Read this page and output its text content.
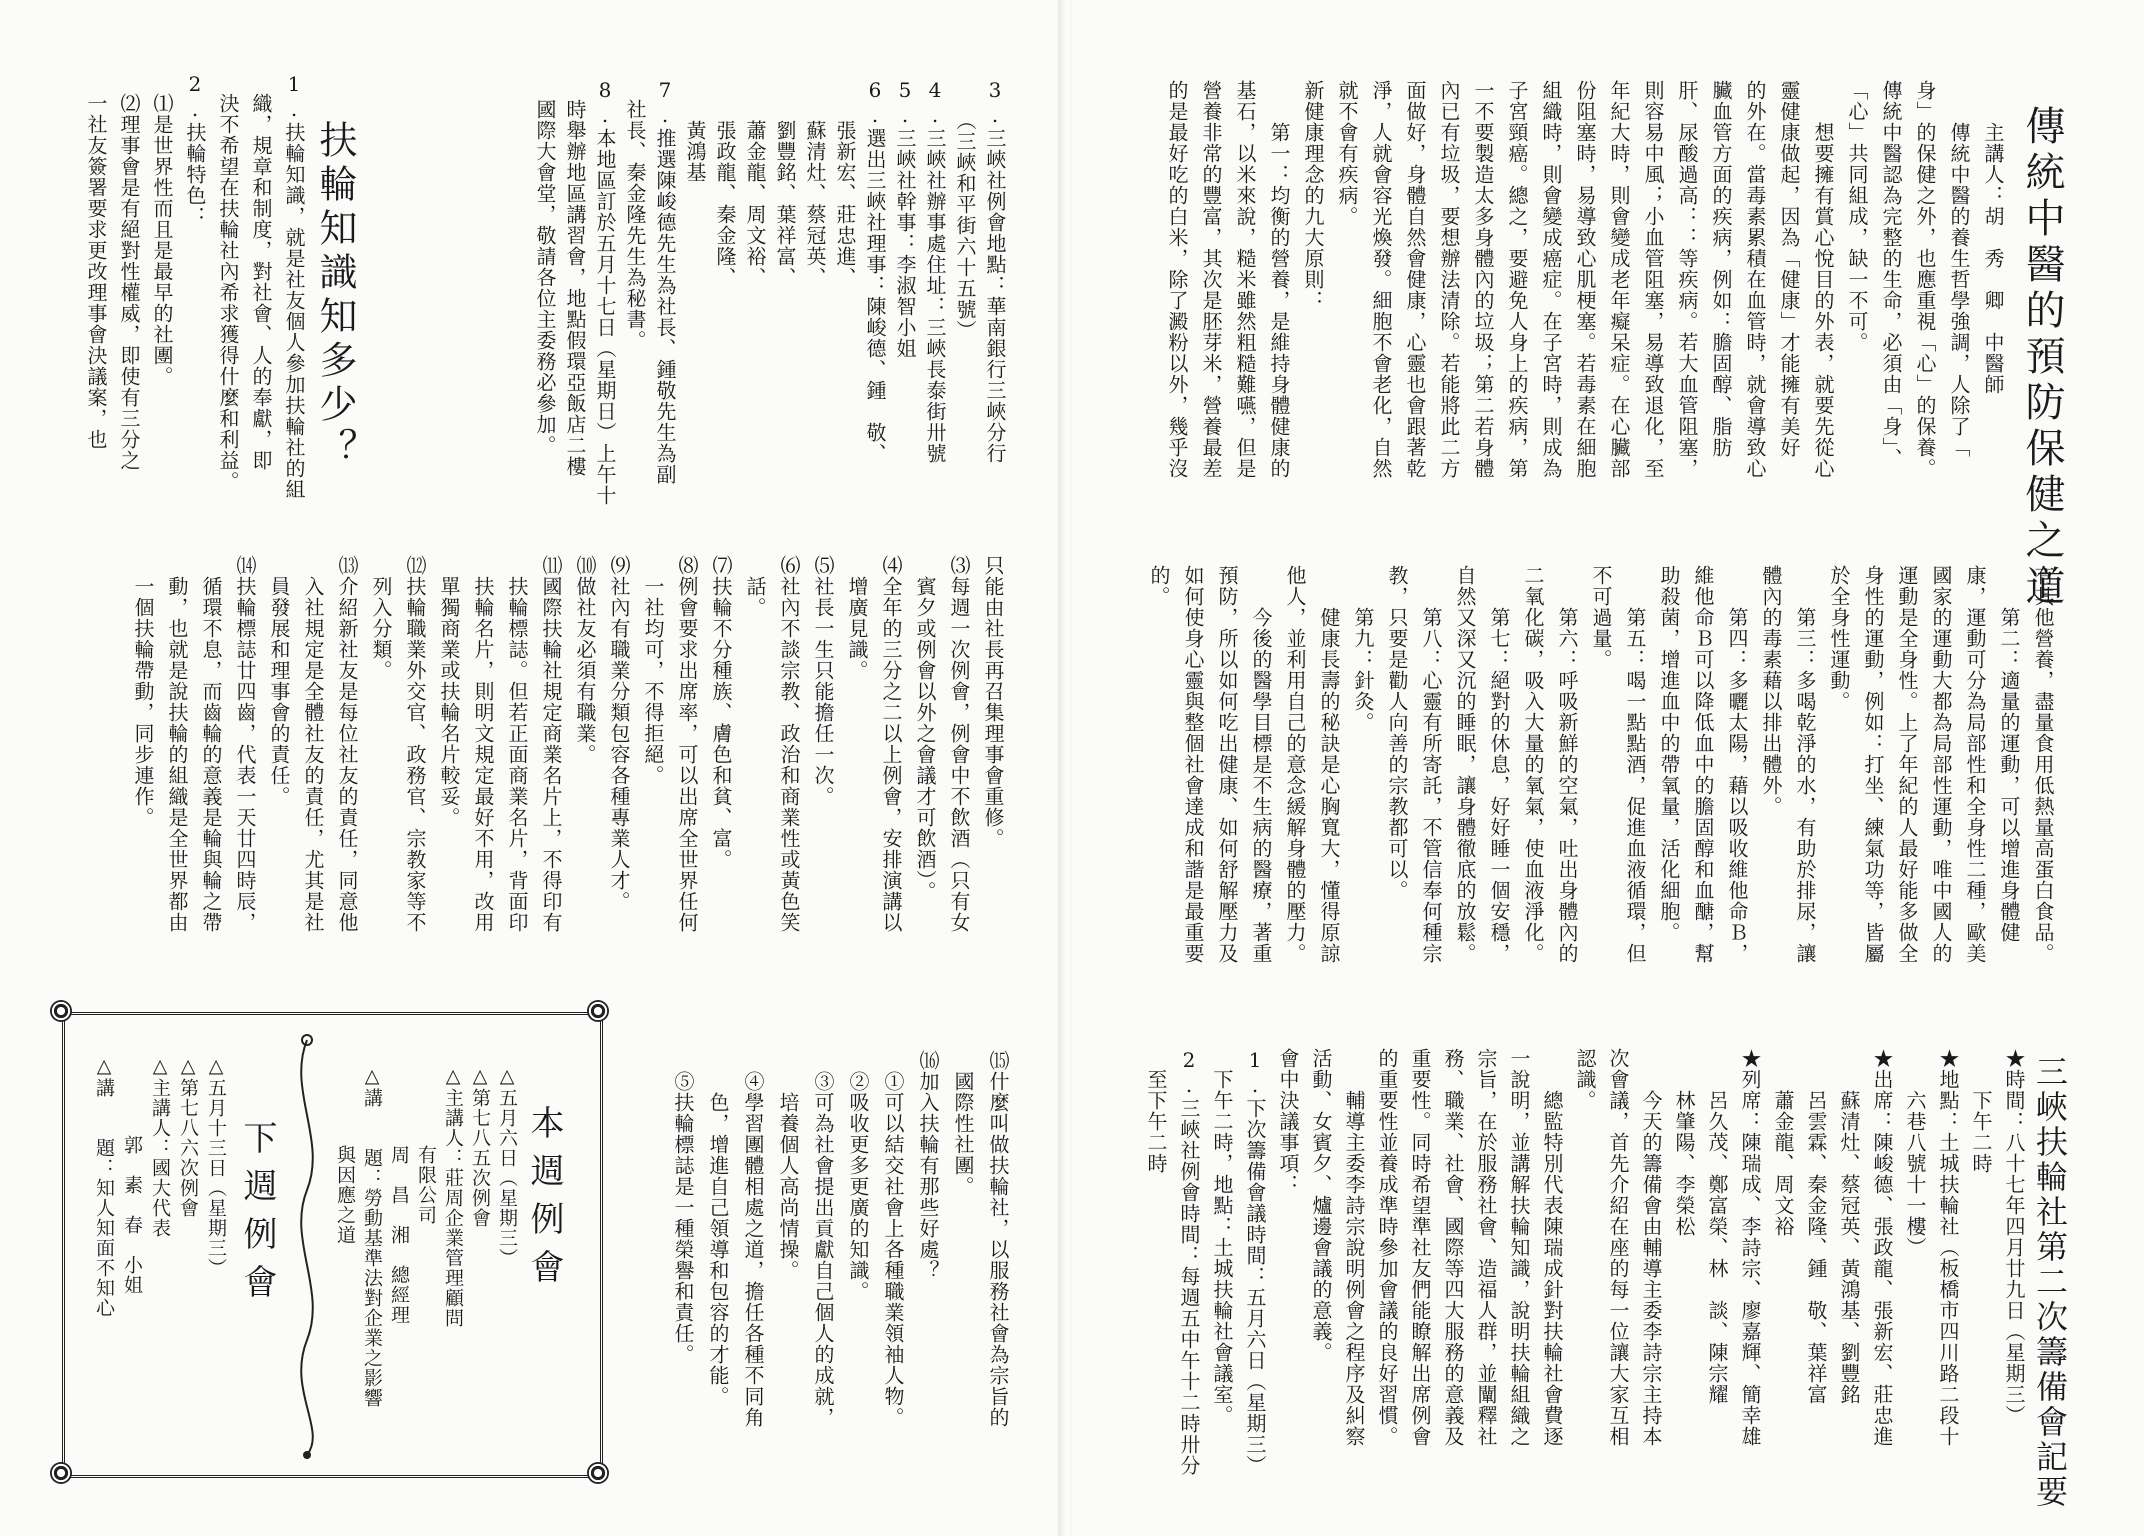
傳統中醫的預防保健之道
　　主講人：胡　秀　卿　中醫師
　　傳統中醫的養生哲學強調，人除了「
身」的保健之外，也應重視「心」的保養。
傳統中醫認為完整的生命，必須由「身」、
「心」共同組成，缺一不可。
　　想要擁有賞心悅目的外表，就要先從心
靈健康做起，因為「健康」才能擁有美好
的外在。當毒素累積在血管時，就會導致心
臟血管方面的疾病，例如：膽固醇、脂肪
肝、尿酸過高：：等疾病。若大血管阻塞，
則容易中風；小血管阻塞，易導致退化，至
年紀大時，則會變成老年癡呆症。在心臟部
份阻塞時，易導致心肌梗塞。若毒素在細胞
組織時，則會變成癌症。在子宮時，則成為
子宮頸癌。總之，要避免人身上的疾病，第
一不要製造太多身體內的垃圾；第二若身體
內已有垃圾，要想辦法清除。若能將此二方
面做好，身體自然會健康，心靈也會跟著乾
淨，人就會容光煥發。細胞不會老化，自然
就不會有疾病。
新健康理念的九大原則：
　　第一：均衡的營養，是維持身體健康的
基石，以米來說，糙米雖然粗糙難嚥，但是
營養非常的豐富，其次是胚芽米，營養最差
的是最好吃的白米，除了澱粉以外，幾乎沒
有其他營養，盡量食用低熱量高蛋白食品。
　　第二：適量的運動，可以增進身體健
康，運動可分為局部性和全身性二種，歐美
國家的運動大都為局部性運動，唯中國人的
運動是全身性。上了年紀的人最好能多做全
身性的運動，例如：打坐、練氣功等，皆屬
於全身性運動。
　　第三：多喝乾淨的水，有助於排尿，讓
體內的毒素藉以排出體外。
　　第四：多曬太陽，藉以吸收維他命Ｂ，
維他命Ｂ可以降低血中的膽固醇和血醣，幫
助殺菌，增進血中的帶氧量，活化細胞。
　　第五：喝一點點酒，促進血液循環，但
不可過量。
　　第六：呼吸新鮮的空氣，吐出身體內的
二氧化碳，吸入大量的氧氣，使血液淨化。
　　第七：絕對的休息，好好睡一個安穩，
自然又深又沉的睡眠，讓身體徹底的放鬆。
　　第八：心靈有所寄託，不管信奉何種宗
教，只要是勸人向善的宗教都可以。
　　第九：針灸。
　　健康長壽的秘訣是心胸寬大，懂得原諒
他人，並利用自己的意念緩解身體的壓力。
　　今後的醫學目標是不生病的醫療，著重
預防，所以如何吃出健康、如何舒解壓力及
如何使身心靈與整個社會達成和諧是最重要
的。
三峽扶輪社第二次籌備會記要
★時間：八十七年四月廿九日（星期三）
　　下午二時
★地點：土城扶輪社（板橋市四川路二段十
　　六巷八號十一樓）
★出席：陳峻德、張政龍、張新宏、莊忠進
　　蘇清灶、蔡冠英、黃鴻基、劉豐銘
　　呂雲霖、秦金隆、鍾　敬、葉祥富
　　蕭金龍、周文裕
★列席：陳瑞成、李詩宗、廖嘉輝、簡幸雄
　　呂久茂、鄭富榮、林　談、陳宗耀
　　林肇陽、李榮松
　　今天的籌備會由輔導主委李詩宗主持本
次會議，首先介紹在座的每一位讓大家互相
認識。
　　總監特別代表陳瑞成針對扶輪社會費逐
一說明，並講解扶輪知識，說明扶輪組織之
宗旨，在於服務社會、造福人群，並闡釋社
務、職業、社會、國際等四大服務的意義及
重要性。同時希望準社友們能瞭解出席例會
的重要性並養成準時參加會議的良好習慣。
　　輔導主委李詩宗說明例會之程序及糾察
活動、女賓夕、爐邊會議的意義。
會中決議事項：
1.下次籌備會議時間：五月六日（星期三）
　下午二時，地點：土城扶輪社會議室。
2.三峽社例會時間：每週五中午十二時卅分
　至下午二時
3.三峽社例會地點：華南銀行三峽分行
　　（三峽和平街六十五號）
4.三峽社辦事處住址：三峽長泰街卅號
5.三峽社幹事：李淑智小姐
6.選出三峽社理事：陳峻德、鍾　敬、
　　張新宏、莊忠進、
　　蘇清灶、蔡冠英、
　　劉豐銘、葉祥富、
　　蕭金龍、周文裕、
　　張政龍、秦金隆、
　　黃鴻基
7.推選陳峻德先生為社長、鍾敬先生為副
　社長、秦金隆先生為秘書。
8.本地區訂於五月十七日（星期日）上午十
　時舉辦地區講習會，地點假環亞飯店二樓
　國際大會堂，敬請各位主委務必參加。
扶輪知識知多少？
1.扶輪知識，就是社友個人參加扶輪社的組
　織，規章和制度，對社會、人的奉獻，即
　決不希望在扶輪社內希求獲得什麼和利益。
2.扶輪特色：
　⑴是世界性而且是最早的社團。
　⑵理事會是有絕對性權威，即使有三分之
　一社友簽署要求更改理事會決議案，也
只能由社長再召集理事會重修。
⑶每週一次例會，例會中不飲酒（只有女
　賓夕或例會以外之會議才可飲酒）。
⑷全年的三分之二以上例會，安排演講以
　增廣見識。
⑸社長一生只能擔任一次。
⑹社內不談宗教、政治和商業性或黃色笑
　話。
⑺扶輪不分種族、膚色和貧、富。
⑻例會要求出席率，可以出席全世界任何
　一社均可，不得拒絕。
⑼社內有職業分類包容各種專業人才。
⑽做社友必須有職業。
⑾國際扶輪社規定商業名片上，不得印有
　扶輪標誌。但若正面商業名片，背面印
　扶輪名片，則明文規定最好不用，改用
　單獨商業或扶輪名片較妥。
⑿扶輪職業外交官、政務官、宗教家等不
　列入分類。
⒀介紹新社友是每位社友的責任，同意他
　入社規定是全體社友的責任，尤其是社
　員發展和理事會的責任。
⒁扶輪標誌廿四齒，代表一天廿四時辰，
　循環不息，而齒輪的意義是輪與輪之帶
　動，也就是說扶輪的組織是全世界都由
　一個扶輪帶動，同步連作。
⒂什麼叫做扶輪社，以服務社會為宗旨的
　國際性社團。
⒃加入扶輪有那些好處？
　①可以結交社會上各種職業領袖人物。
　②吸收更多更廣的知識。
　③可為社會提出貢獻自己個人的成就，
　　培養個人高尚情操。
　④學習團體相處之道，擔任各種不同角
　　色，增進自己領導和包容的才能。
　⑤扶輪標誌是一種榮譽和責任。
本週例會
△五月六日（星期三）
△第七八五次例會
△主講人：莊周企業管理顧問
　　　　有限公司
　　　　周　昌　湘　總經理
△講　　題：勞動基準法對企業之影響
　　　　與因應之道
下週例會
△五月十三日（星期三）
△第七八六次例會
△主講人：國大代表
　　　　郭　素　春　小姐
△講　　題：知人知面不知心
